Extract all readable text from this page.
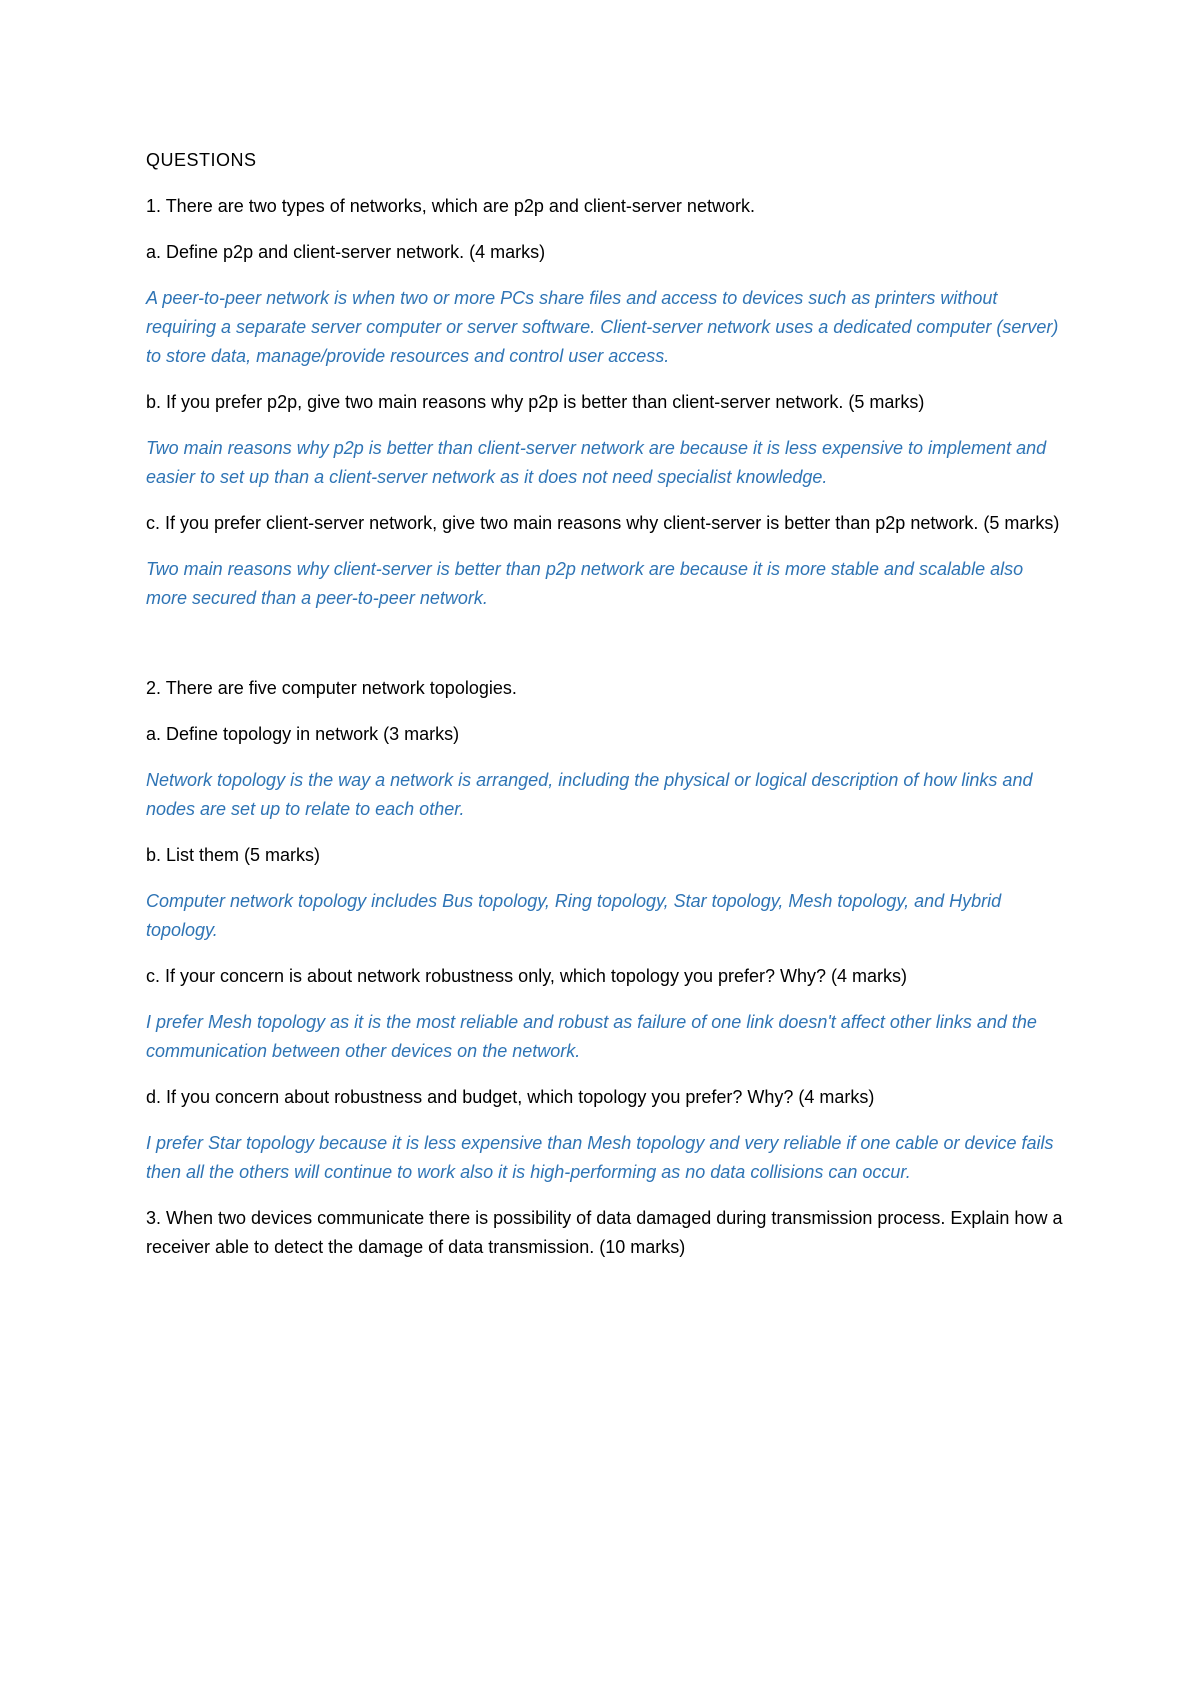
QUESTIONS

1. There are two types of networks, which are p2p and client-server network.

a. Define p2p and client-server network. (4 marks)

A peer-to-peer network is when two or more PCs share files and access to devices such as printers without requiring a separate server computer or server software. Client-server network uses a dedicated computer (server) to store data, manage/provide resources and control user access.

b. If you prefer p2p, give two main reasons why p2p is better than client-server network. (5 marks)

Two main reasons why p2p is better than client-server network are because it is less expensive to implement and easier to set up than a client-server network as it does not need specialist knowledge.

c. If you prefer client-server network, give two main reasons why client-server is better than p2p network. (5 marks)

Two main reasons why client-server is better than p2p network are because it is more stable and scalable also more secured than a peer-to-peer network.

2. There are five computer network topologies.

a. Define topology in network (3 marks)

Network topology is the way a network is arranged, including the physical or logical description of how links and nodes are set up to relate to each other.

b. List them (5 marks)

Computer network topology includes Bus topology, Ring topology, Star topology, Mesh topology, and Hybrid topology.

c. If your concern is about network robustness only, which topology you prefer? Why? (4 marks)

I prefer Mesh topology as it is the most reliable and robust as failure of one link doesn't affect other links and the communication between other devices on the network.

d. If you concern about robustness and budget, which topology you prefer? Why? (4 marks)

I prefer Star topology because it is less expensive than Mesh topology and very reliable if one cable or device fails then all the others will continue to work also it is high-performing as no data collisions can occur.

3. When two devices communicate there is possibility of data damaged during transmission process. Explain how a receiver able to detect the damage of data transmission. (10 marks)
